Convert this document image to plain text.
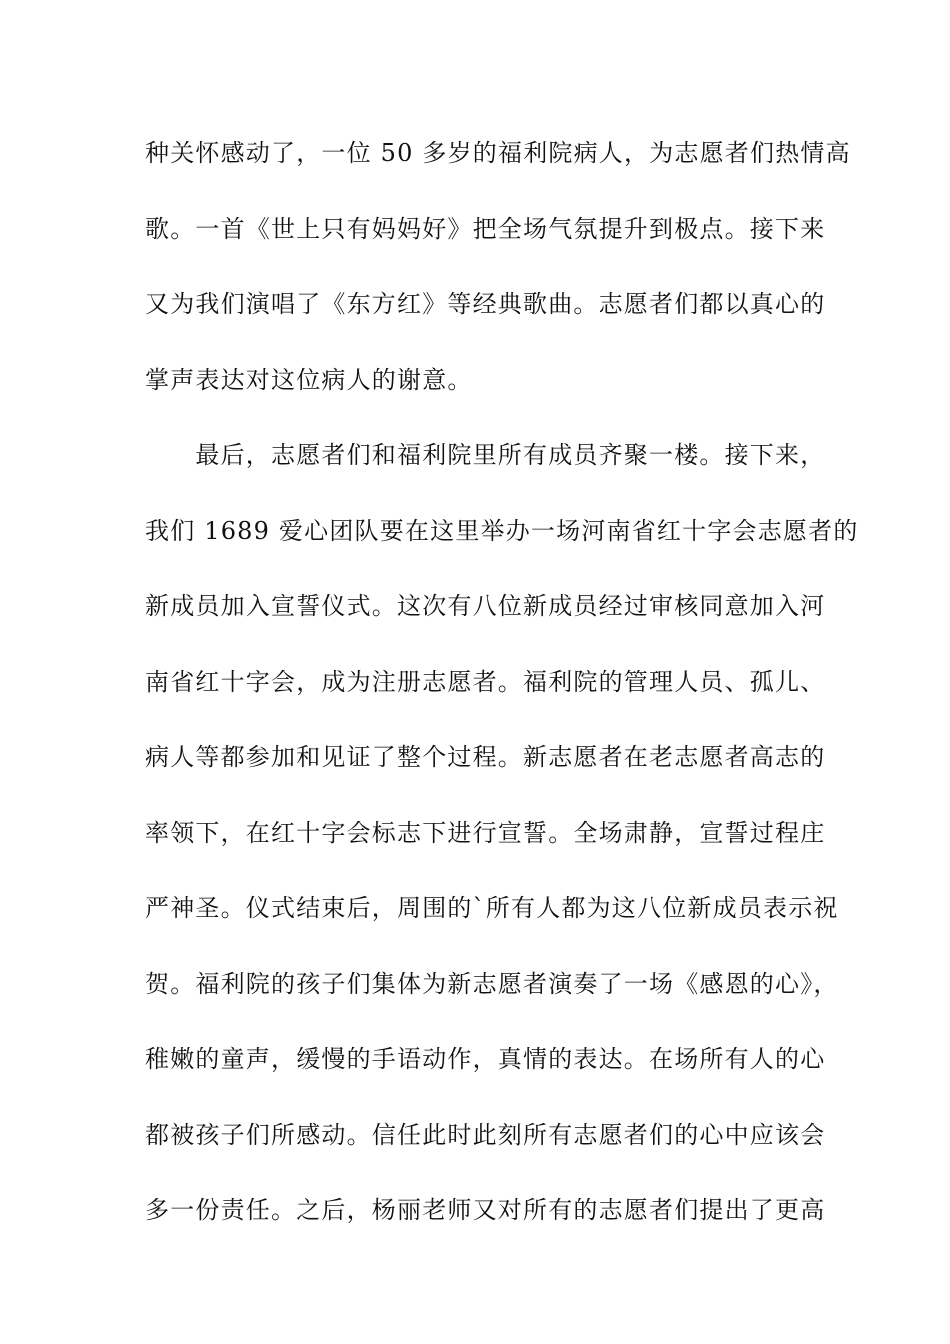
种关怀感动了，一位 50 多岁的福利院病人，为志愿者们热情高
歌。一首《世上只有妈妈好》把全场气氛提升到极点。接下来
又为我们演唱了《东方红》等经典歌曲。志愿者们都以真心的
掌声表达对这位病人的谢意。
　　最后，志愿者们和福利院里所有成员齐聚一楼。接下来，
我们 1689 爱心团队要在这里举办一场河南省红十字会志愿者的
新成员加入宣誓仪式。这次有八位新成员经过审核同意加入河
南省红十字会，成为注册志愿者。福利院的管理人员、孤儿、
病人等都参加和见证了整个过程。新志愿者在老志愿者高志的
率领下，在红十字会标志下进行宣誓。全场肃静，宣誓过程庄
严神圣。仪式结束后，周围的`所有人都为这八位新成员表示祝
贺。福利院的孩子们集体为新志愿者演奏了一场《感恩的心》，
稚嫩的童声，缓慢的手语动作，真情的表达。在场所有人的心
都被孩子们所感动。信任此时此刻所有志愿者们的心中应该会
多一份责任。之后，杨丽老师又对所有的志愿者们提出了更高
